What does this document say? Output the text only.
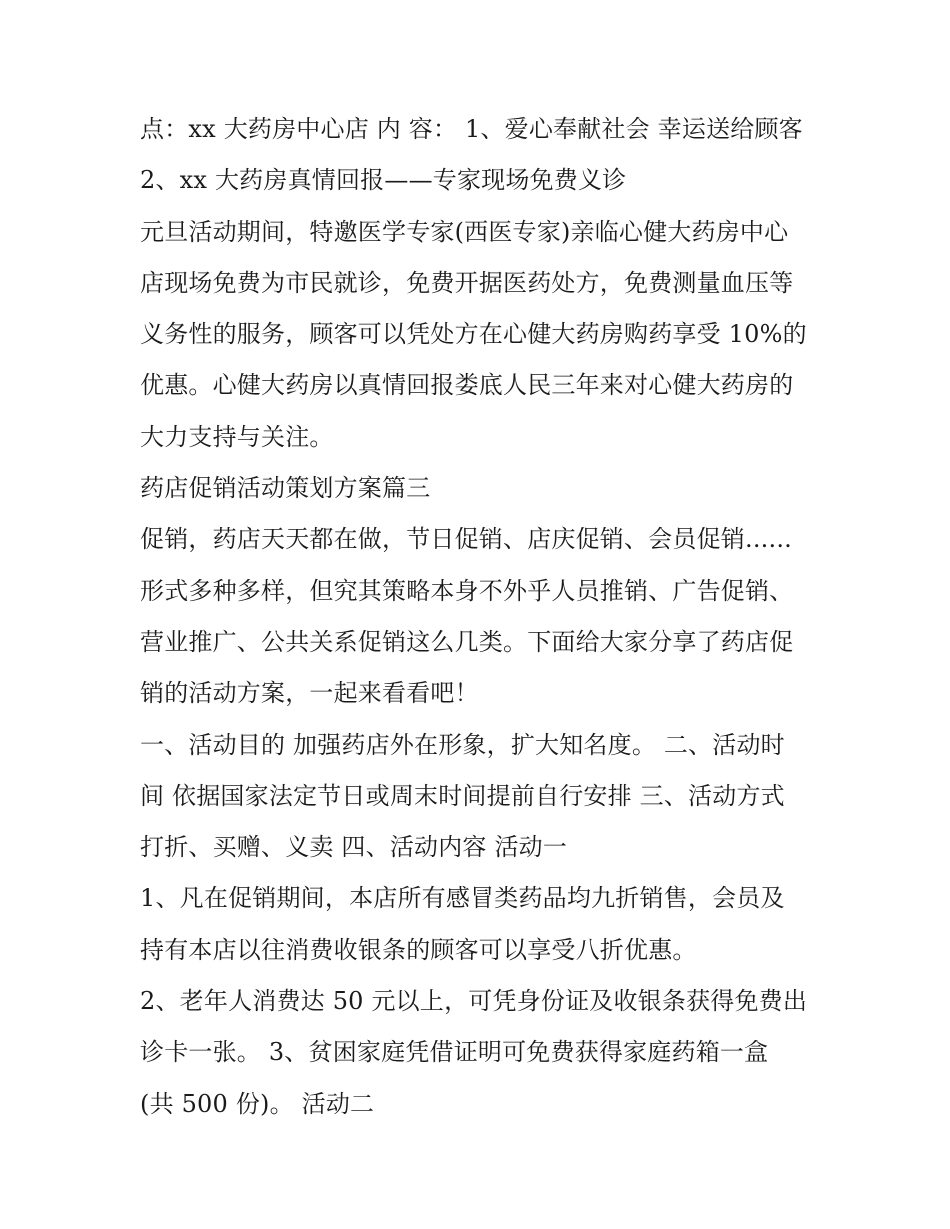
点：xx 大药房中心店 内 容： 1、爱心奉献社会 幸运送给顾客
2、xx 大药房真情回报——专家现场免费义诊
元旦活动期间，特邀医学专家(西医专家)亲临心健大药房中心
店现场免费为市民就诊，免费开据医药处方，免费测量血压等
义务性的服务，顾客可以凭处方在心健大药房购药享受 10%的
优惠。心健大药房以真情回报娄底人民三年来对心健大药房的
大力支持与关注。
药店促销活动策划方案篇三
促销，药店天天都在做，节日促销、店庆促销、会员促销......
形式多种多样，但究其策略本身不外乎人员推销、广告促销、
营业推广、公共关系促销这么几类。下面给大家分享了药店促
销的活动方案，一起来看看吧！
一、活动目的 加强药店外在形象，扩大知名度。 二、活动时
间 依据国家法定节日或周末时间提前自行安排 三、活动方式
打折、买赠、义卖 四、活动内容 活动一
1、凡在促销期间，本店所有感冒类药品均九折销售，会员及
持有本店以往消费收银条的顾客可以享受八折优惠。
2、老年人消费达 50 元以上，可凭身份证及收银条获得免费出
诊卡一张。 3、贫困家庭凭借证明可免费获得家庭药箱一盒
(共 500 份)。 活动二
